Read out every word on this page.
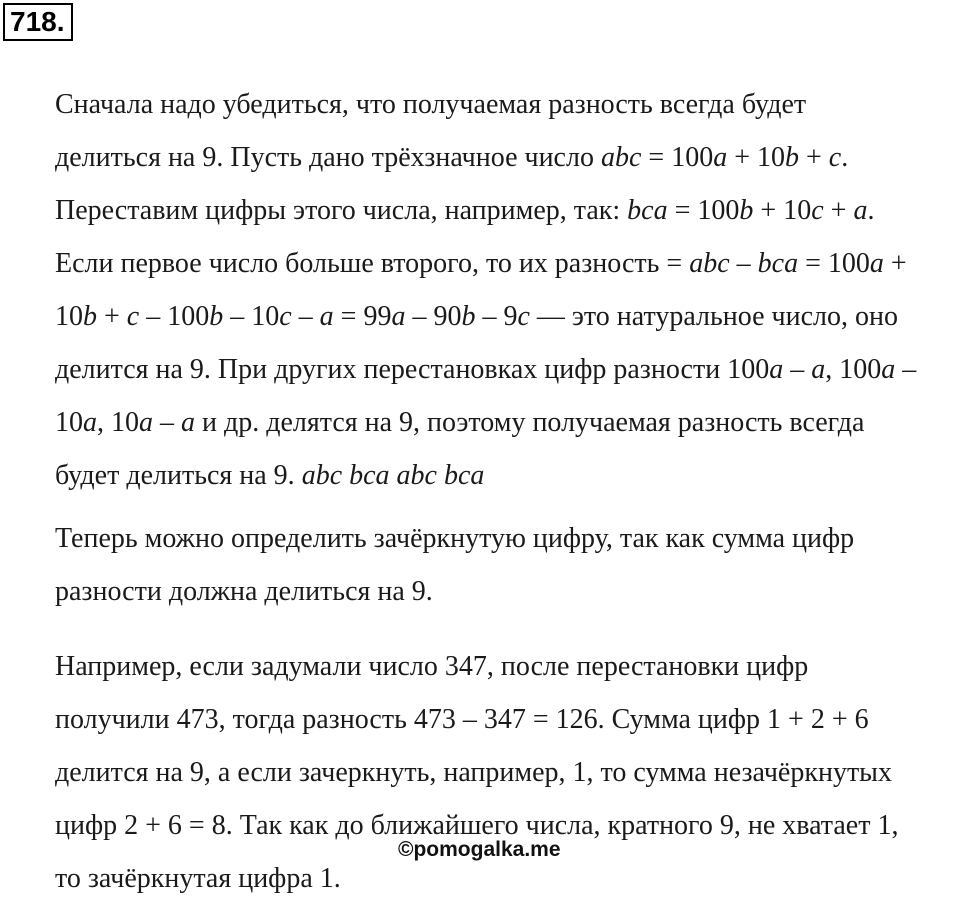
718.

Сначала надо убедиться, что получаемая разность всегда будет
делиться на 9. Пусть дано трёхзначное число abc = 100a + 10b + c.
Переставим цифры этого числа, например, так: bca = 100b + 10c + a.
Если первое число больше второго, то их разность = abc – bca = 100a +
10b + c – 100b – 10c – a = 99a – 90b – 9c — это натуральное число, оно
делится на 9. При других перестановках цифр разности 100a – a, 100a –
10a, 10a – a и др. делятся на 9, поэтому получаемая разность всегда
будет делиться на 9. abc bca abc bca

Теперь можно определить зачёркнутую цифру, так как сумма цифр
разности должна делиться на 9.

Например, если задумали число 347, после перестановки цифр
получили 473, тогда разность 473 – 347 = 126. Сумма цифр 1 + 2 + 6
делится на 9, а если зачеркнуть, например, 1, то сумма незачёркнутых
цифр 2 + 6 = 8. Так как до ближайшего числа, кратного 9, не хватает 1,
то зачёркнутая цифра 1.

©pomogalka.me
